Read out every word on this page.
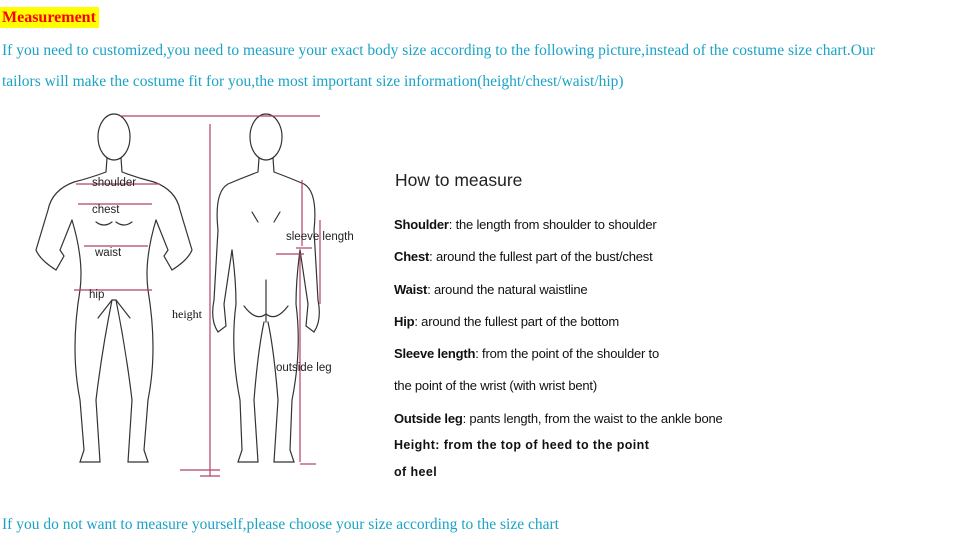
Measurement
If you need to customized,you need to measure your exact body size according to the following picture,instead of the costume size chart.Our
tailors will make the costume fit for you,the most important size information(height/chest/waist/hip)
shoulder
chest
waist
hip
height
sleeve length
outside leg
How to measure
Shoulder: the length from shoulder to shoulder
Chest: around the fullest part of the bust/chest
Waist: around the natural waistline
Hip: around the fullest part of the bottom
Sleeve length: from the point of the shoulder to
the point of the wrist (with wrist bent)
Outside leg: pants length, from the waist to the ankle bone
Height: from the top of heed to the point
of heel
If you do not want to measure yourself,please choose your size according to the size chart
